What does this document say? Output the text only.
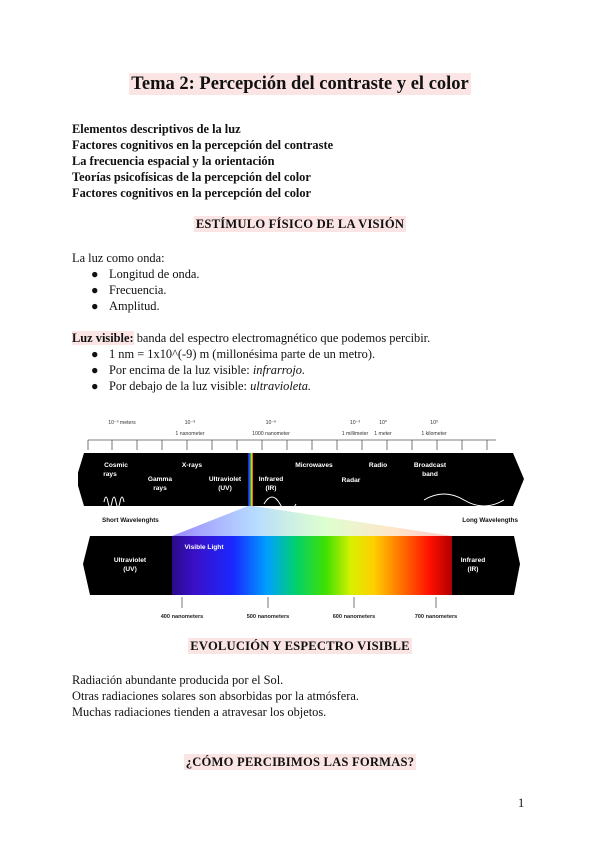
Tema 2: Percepción del contraste y el color
Elementos descriptivos de la luz
Factores cognitivos en la percepción del contraste
La frecuencia espacial y la orientación
Teorías psicofísicas de la percepción del color
Factores cognitivos en la percepción del color
ESTÍMULO FÍSICO DE LA VISIÓN
La luz como onda:
● Longitud de onda.
● Frecuencia.
● Amplitud.
Luz visible: banda del espectro electromagnético que podemos percibir.
● 1 nm = 1x10^(-9) m (millonésima parte de un metro).
● Por encima de la luz visible: infrarrojo.
● Por debajo de la luz visible: ultravioleta.
10⁻³ meters	10⁻⁹
1 nanometer
10⁻⁶
1000 nanometer
10⁻³
1 millimeter
10⁰
1 meter
10³
1 kilometer
Cosmic
rays
X-rays
Gamma
rays
Ultraviolet
(UV)
Infrared
(IR)
Microwaves
Radar
Radio	Broadcast
band
Short Wavelenghts	Long Wavelengths
Visible Light
Ultraviolet
(UV)
Infrared
(IR)
400 nanometers	500 nanometers	600 nanometers	700 nanometers
EVOLUCIÓN Y ESPECTRO VISIBLE
Radiación abundante producida por el Sol.
Otras radiaciones solares son absorbidas por la atmósfera.
Muchas radiaciones tienden a atravesar los objetos.
¿CÓMO PERCIBIMOS LAS FORMAS?
1
